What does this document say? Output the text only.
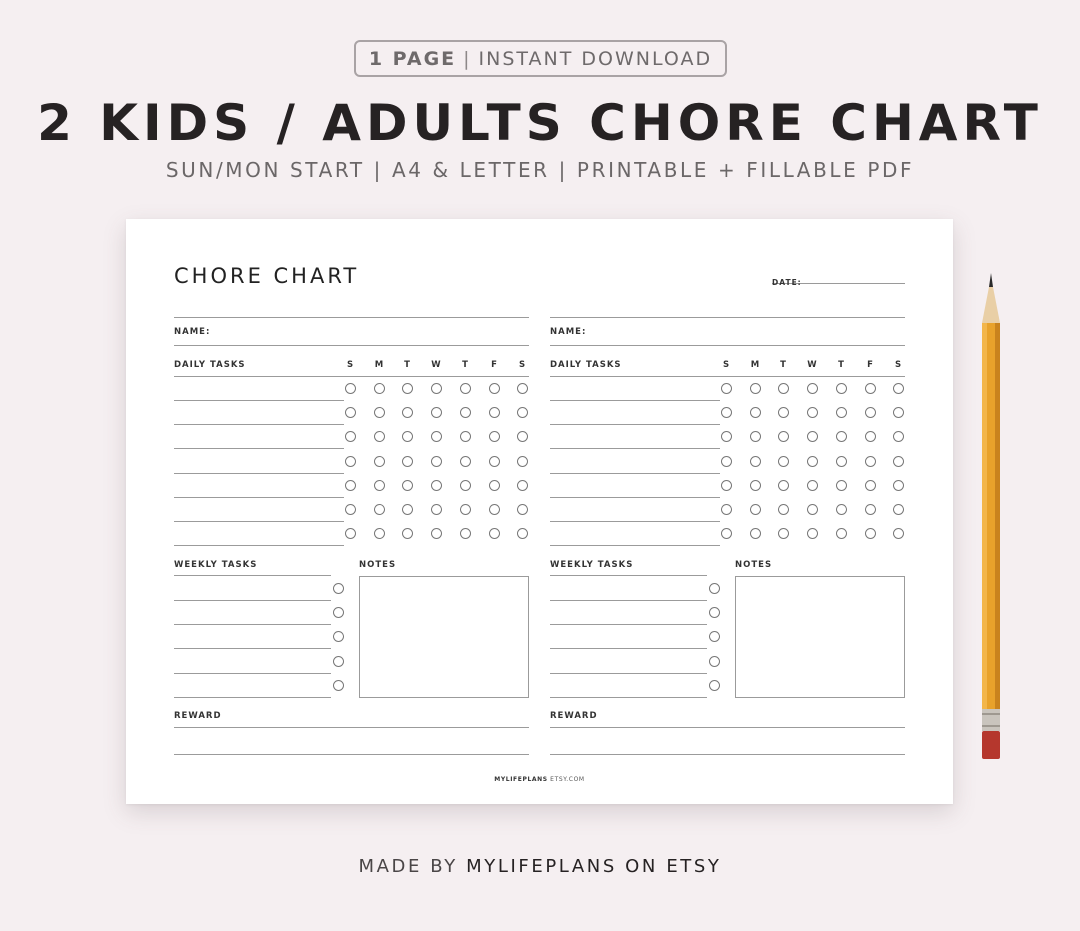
1 PAGE | INSTANT DOWNLOAD
2 KIDS / ADULTS CHORE CHART
SUN/MON START | A4 & LETTER | PRINTABLE + FILLABLE PDF
CHORE CHART	DATE:
NAME:
DAILY TASKS	S	M	T	W	T	F	S
WEEKLY TASKS	NOTES
REWARD
NAME:
DAILY TASKS	S	M	T	W	T	F	S
WEEKLY TASKS	NOTES
REWARD
MYLIFEPLANS ETSY.COM
MADE BY MYLIFEPLANS ON ETSY
